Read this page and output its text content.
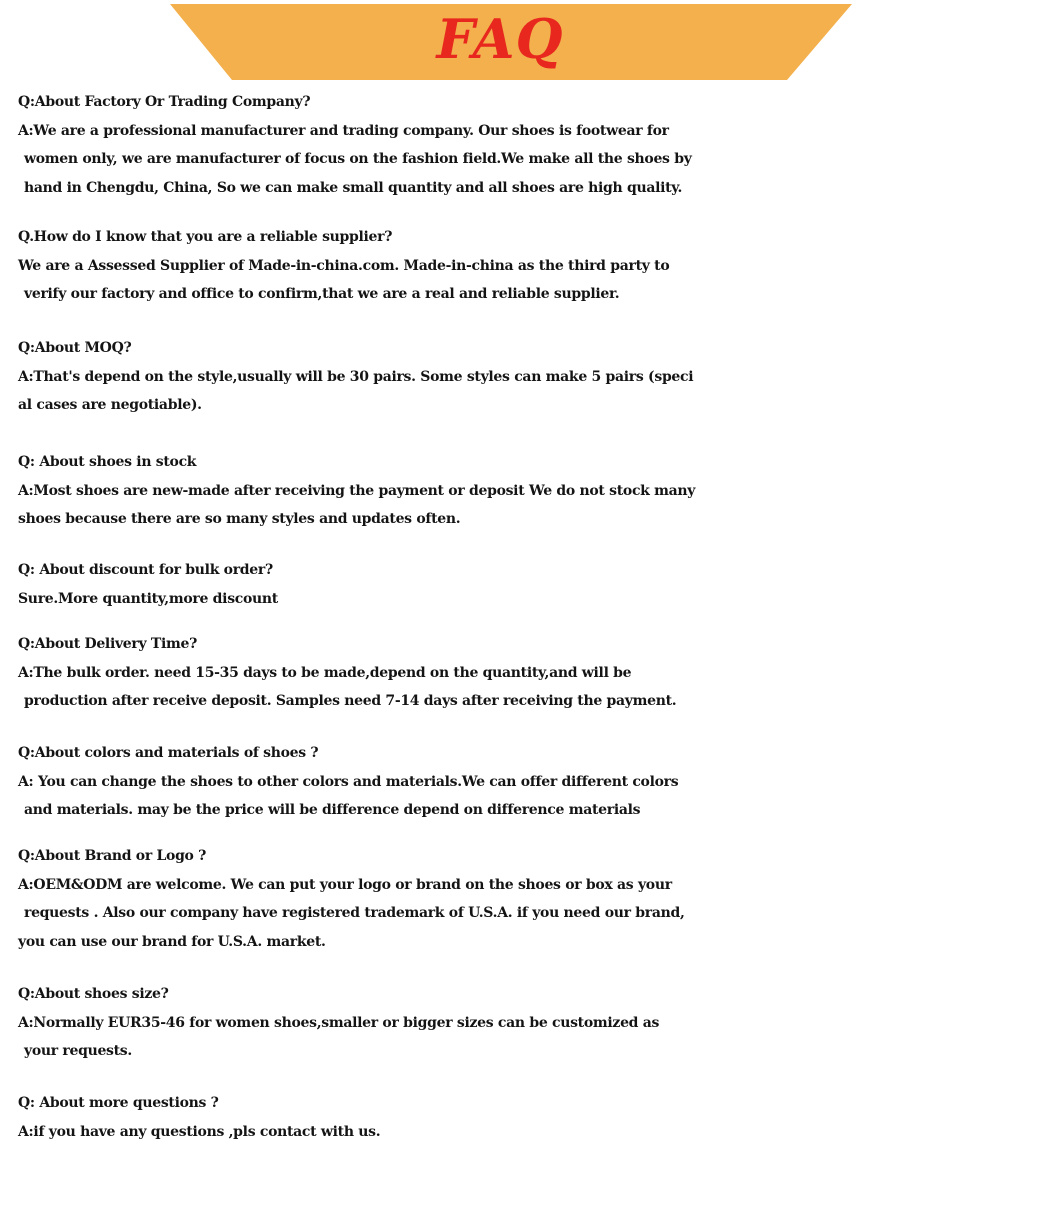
FAQ
Q:About Factory Or Trading Company?
A:We are a professional manufacturer and trading company. Our shoes is footwear for
women only, we are manufacturer of focus on the fashion field.We make all the shoes by
hand in Chengdu, China, So we can make small quantity and all shoes are high quality.
Q.How do I know that you are a reliable supplier?
We are a Assessed Supplier of Made-in-china.com. Made-in-china as the third party to
verify our factory and office to confirm,that we are a real and reliable supplier.
Q:About MOQ?
A:That's depend on the style,usually will be 30 pairs. Some styles can make 5 pairs (speci
al cases are negotiable).
Q: About shoes in stock
A:Most shoes are new-made after receiving the payment or deposit We do not stock many
shoes because there are so many styles and updates often.
Q: About discount for bulk order?
Sure.More quantity,more discount
Q:About Delivery Time?
A:The bulk order. need 15-35 days to be made,depend on the quantity,and will be
production after receive deposit. Samples need 7-14 days after receiving the payment.
Q:About colors and materials of shoes ?
A: You can change the shoes to other colors and materials.We can offer different colors
and materials. may be the price will be difference depend on difference materials
Q:About Brand or Logo ?
A:OEM&ODM are welcome. We can put your logo or brand on the shoes or box as your
requests . Also our company have registered trademark of U.S.A. if you need our brand,
you can use our brand for U.S.A. market.
Q:About shoes size?
A:Normally EUR35-46 for women shoes,smaller or bigger sizes can be customized as
your requests.
Q: About more questions ?
A:if you have any questions ,pls contact with us.
